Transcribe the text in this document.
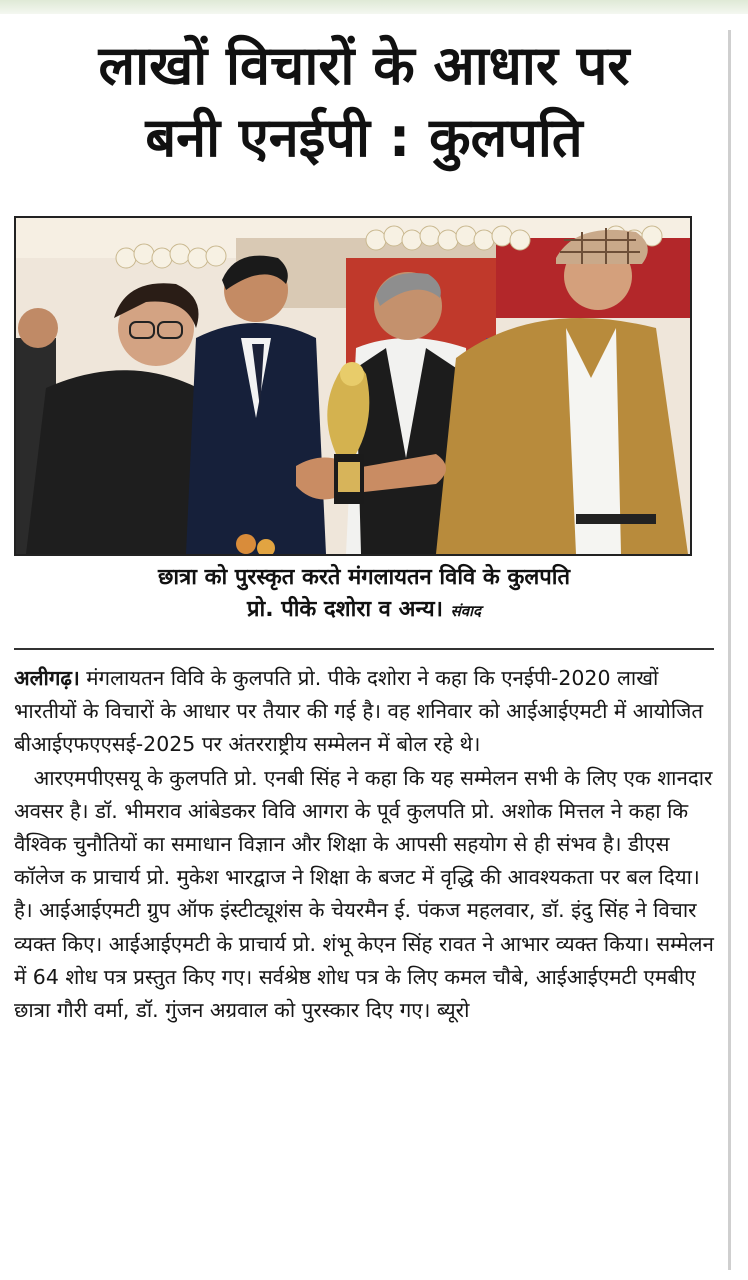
लाखों विचारों के आधार पर
बनी एनईपी : कुलपति
छात्रा को पुरस्कृत करते मंगलायतन विवि के कुलपति
प्रो. पीके दशोरा व अन्य। संवाद

अलीगढ़। मंगलायतन विवि के कुलपति प्रो. पीके दशोरा ने कहा कि एनईपी-2020 लाखों भारतीयों के विचारों के आधार पर तैयार की गई है। वह शनिवार को आईआईएमटी में आयोजित बीआईएफएएसई-2025 पर अंतरराष्ट्रीय सम्मेलन में बोल रहे थे।

आरएमपीएसयू के कुलपति प्रो. एनबी सिंह ने कहा कि यह सम्मेलन सभी के लिए एक शानदार अवसर है। डॉ. भीमराव आंबेडकर विवि आगरा के पूर्व कुलपति प्रो. अशोक मित्तल ने कहा कि वैश्विक चुनौतियों का समाधान विज्ञान और शिक्षा के आपसी सहयोग से ही संभव है। डीएस कॉलेज क प्राचार्य प्रो. मुकेश भारद्वाज ने शिक्षा के बजट में वृद्धि की आवश्यकता पर बल दिया। है। आईआईएमटी ग्रुप ऑफ इंस्टीट्यूशंस के चेयरमैन ई. पंकज महलवार, डॉ. इंदु सिंह ने विचार व्यक्त किए। आईआईएमटी के प्राचार्य प्रो. शंभू केएन सिंह रावत ने आभार व्यक्त किया। सम्मेलन में 64 शोध पत्र प्रस्तुत किए गए। सर्वश्रेष्ठ शोध पत्र के लिए कमल चौबे, आईआईएमटी एमबीए छात्रा गौरी वर्मा, डॉ. गुंजन अग्रवाल को पुरस्कार दिए गए। ब्यूरो
